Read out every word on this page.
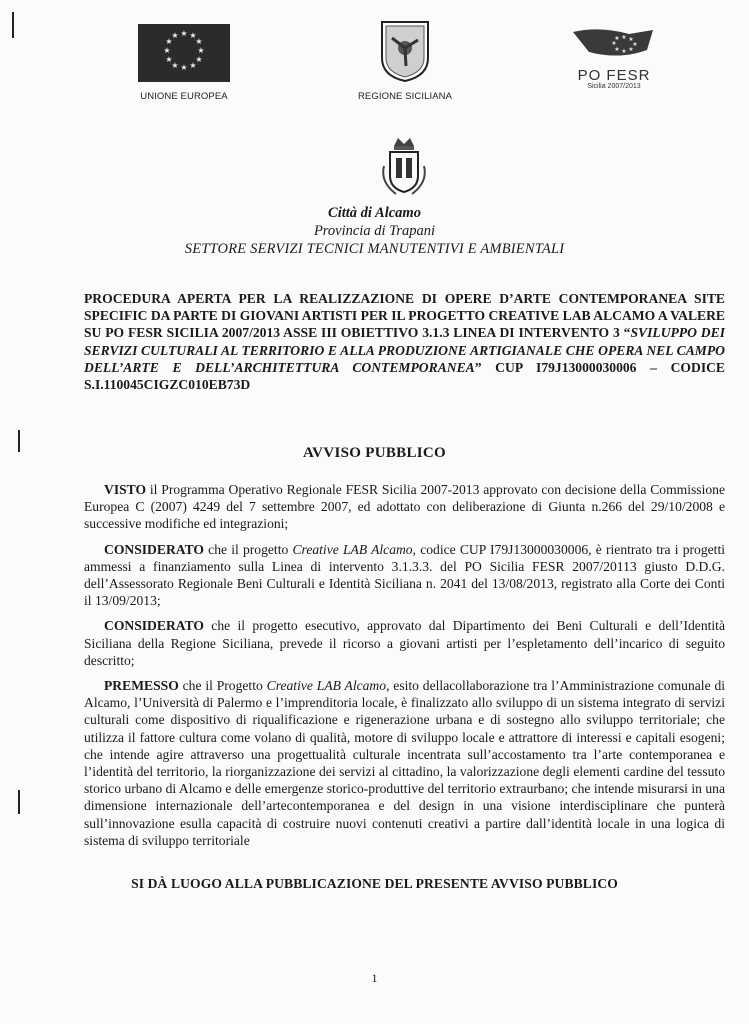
★ ★
★
★
★
★
★
★
★
★
★
★
UNIONE EUROPEA	REGIONE SICILIANA
★ ★
★
★
★
★
★
★
PO FESR
Sicilia 2007/2013
Città di Alcamo
Provincia di Trapani
SETTORE SERVIZI TECNICI MANUTENTIVI E AMBIENTALI
PROCEDURA APERTA PER LA REALIZZAZIONE DI OPERE D’ARTE CONTEMPORANEA SITE SPECIFIC DA PARTE DI GIOVANI ARTISTI PER IL PROGETTO CREATIVE LAB ALCAMO A VALERE SU PO FESR SICILIA 2007/2013 ASSE III OBIETTIVO 3.1.3 LINEA DI INTERVENTO 3 “SVILUPPO DEI SERVIZI CULTURALI AL TERRITORIO E ALLA PRODUZIONE ARTIGIANALE CHE OPERA NEL CAMPO DELL’ARTE E DELL’ARCHITETTURA CONTEMPORANEA” CUP I79J13000030006 – CODICE S.I.110045CIGZC010EB73D
AVVISO PUBBLICO

VISTO il Programma Operativo Regionale FESR Sicilia 2007-2013 approvato con decisione della Commissione Europea C (2007) 4249 del 7 settembre 2007, ed adottato con deliberazione di Giunta n.266 del 29/10/2008 e successive modifiche ed integrazioni;

CONSIDERATO che il progetto Creative LAB Alcamo, codice CUP I79J13000030006, è rientrato tra i progetti ammessi a finanziamento sulla Linea di intervento 3.1.3.3. del PO Sicilia FESR 2007/20113 giusto D.D.G. dell’Assessorato Regionale Beni Culturali e Identità Siciliana n. 2041 del 13/08/2013, registrato alla Corte dei Conti il 13/09/2013;

CONSIDERATO che il progetto esecutivo, approvato dal Dipartimento dei Beni Culturali e dell’Identità Siciliana della Regione Siciliana, prevede il ricorso a giovani artisti per l’espletamento dell’incarico di seguito descritto;

PREMESSO che il Progetto Creative LAB Alcamo, esito dellacollaborazione tra l’Amministrazione comunale di Alcamo, l’Università di Palermo e l’imprenditoria locale, è finalizzato allo sviluppo di un sistema integrato di servizi culturali come dispositivo di riqualificazione e rigenerazione urbana e di sostegno allo sviluppo territoriale; che utilizza il fattore cultura come volano di qualità, motore di sviluppo locale e attrattore di interessi e capitali esogeni; che intende agire attraverso una progettualità culturale incentrata sull’accostamento tra l’arte contemporanea e l’identità del territorio, la riorganizzazione dei servizi al cittadino, la valorizzazione degli elementi cardine del tessuto storico urbano di Alcamo e delle emergenze storico-produttive del territorio extraurbano; che intende misurarsi in una dimensione internazionale dell’artecontemporanea e del design in una visione interdisciplinare che punterà sull’innovazione esulla capacità di costruire nuovi contenuti creativi a partire dall’identità locale in una logica di sistema di sviluppo territoriale

SI DÀ LUOGO ALLA PUBBLICAZIONE DEL PRESENTE AVVISO PUBBLICO
1
